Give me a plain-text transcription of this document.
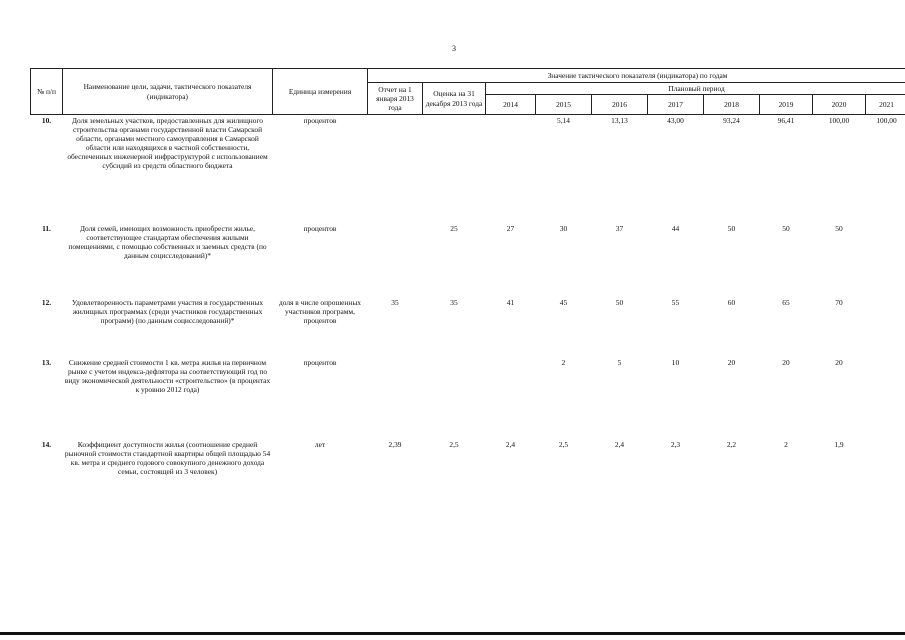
3
№ п/п	Наименование цели, задачи, тактического показателя (индикатора)	Единица измерения	Значение тактического показателя (индикатора) по годам									
			Отчет на 1 января 2013 года	Оценка на 31 декабря 2013 года	Плановый период							
					2014	2015	2016	2017	2018	2019	2020	2021
10.	Доля земельных участков, предоставленных для жилищного строительства органами государственной власти Самарской области, органами местного самоуправления в Самарской области или находящихся в частной собственности, обеспеченных инженерной инфраструктурой с использованием субсидий из средств областного бюджета	процентов				5,14	13,13	43,00	93,24	96,41	100,00	100,00
11.	Доля семей, имеющих возможность приобрести жилье, соответствующее стандартам обеспечения жилыми помещениями, с помощью собственных и заемных средств (по данным социсследований)*	процентов		25	27	30	37	44	50	50	50	
12.	Удовлетворенность параметрами участия в государственных жилищных программах (среди участников государственных программ) (по данным социсследований)*	доля в числе опрошенных участников программ, процентов	35	35	41	45	50	55	60	65	70	
13.	Снижение средней стоимости 1 кв. метра жилья на первичном рынке с учетом индекса-дефлятора на соответствующий год по виду экономической деятельности «строительство» (в процентах к уровню 2012 года)	процентов				2	5	10	20	20	20	
14.	Коэффициент доступности жилья (соотношение средней рыночной стоимости стандартной квартиры общей площадью 54 кв. метра и среднего годового совокупного денежного дохода семьи, состоящей из 3 человек)	лет	2,39	2,5	2,4	2,5	2,4	2,3	2,2	2	1,9	
